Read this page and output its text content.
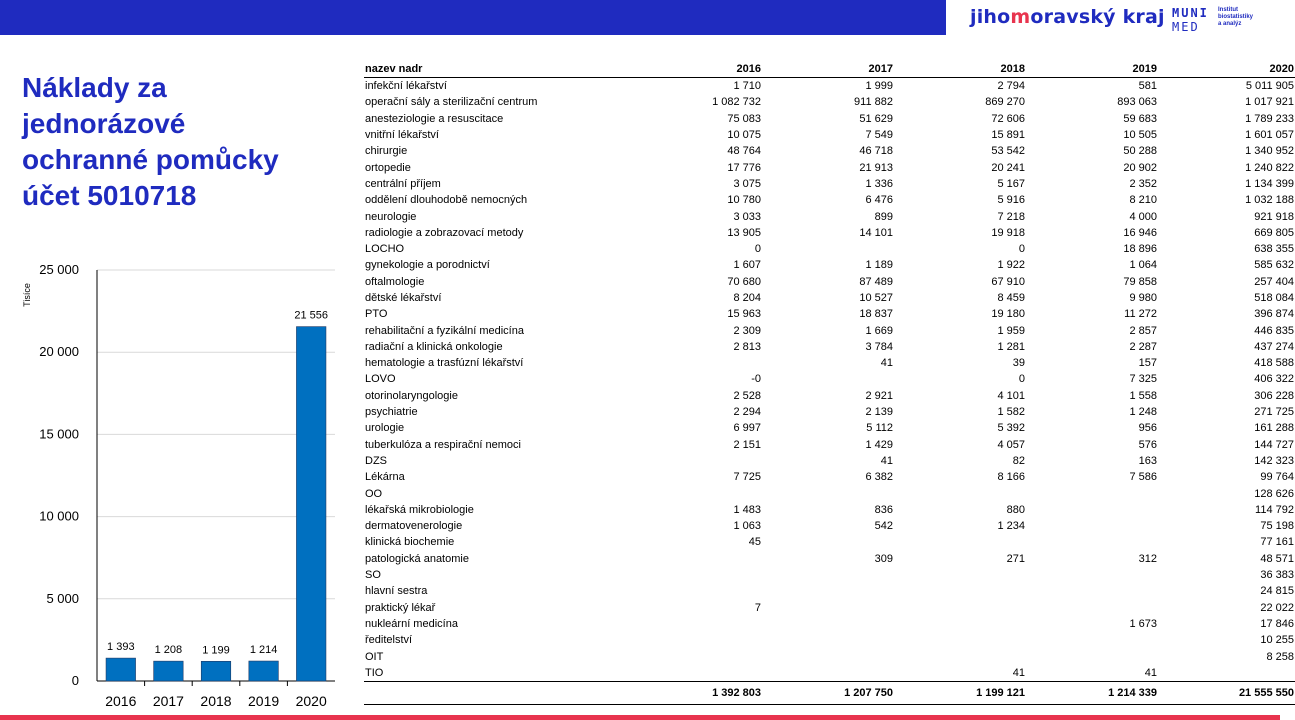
jihomoravský kraj MUNI
MED
Institut
biostatistiky
a analýz
Náklady za
jednorázové
ochranné pomůcky
účet 5010718
0
5 000
10 000
15 000
20 000
25 000
Tisíce
1 393
2016
1 208
2017
1 199
2018
1 214
2019
21 556
2020
nazev nadr	2016	2017	2018	2019	2020
infekční lékařství	1 710	1 999	2 794	581	5 011 905
operační sály a sterilizační centrum	1 082 732	911 882	869 270	893 063	1 017 921
anesteziologie a resuscitace	75 083	51 629	72 606	59 683	1 789 233
vnitřní lékařství	10 075	7 549	15 891	10 505	1 601 057
chirurgie	48 764	46 718	53 542	50 288	1 340 952
ortopedie	17 776	21 913	20 241	20 902	1 240 822
centrální příjem	3 075	1 336	5 167	2 352	1 134 399
oddělení dlouhodobě nemocných	10 780	6 476	5 916	8 210	1 032 188
neurologie	3 033	899	7 218	4 000	921 918
radiologie a zobrazovací metody	13 905	14 101	19 918	16 946	669 805
LOCHO	0		0	18 896	638 355
gynekologie a porodnictví	1 607	1 189	1 922	1 064	585 632
oftalmologie	70 680	87 489	67 910	79 858	257 404
dětské lékařství	8 204	10 527	8 459	9 980	518 084
PTO	15 963	18 837	19 180	11 272	396 874
rehabilitační a fyzikální medicína	2 309	1 669	1 959	2 857	446 835
radiační a klinická onkologie	2 813	3 784	1 281	2 287	437 274
hematologie a trasfúzní lékařství		41	39	157	418 588
LOVO	-0		0	7 325	406 322
otorinolaryngologie	2 528	2 921	4 101	1 558	306 228
psychiatrie	2 294	2 139	1 582	1 248	271 725
urologie	6 997	5 112	5 392	956	161 288
tuberkulóza a respirační nemoci	2 151	1 429	4 057	576	144 727
DZS		41	82	163	142 323
Lékárna	7 725	6 382	8 166	7 586	99 764
OO					128 626
lékařská mikrobiologie	1 483	836	880		114 792
dermatovenerologie	1 063	542	1 234		75 198
klinická biochemie	45				77 161
patologická anatomie		309	271	312	48 571
SO					36 383
hlavní sestra					24 815
praktický lékař	7				22 022
nukleární medicína				1 673	17 846
ředitelství					10 255
OIT					8 258
TIO			41	41	
	1 392 803	1 207 750	1 199 121	1 214 339	21 555 550
